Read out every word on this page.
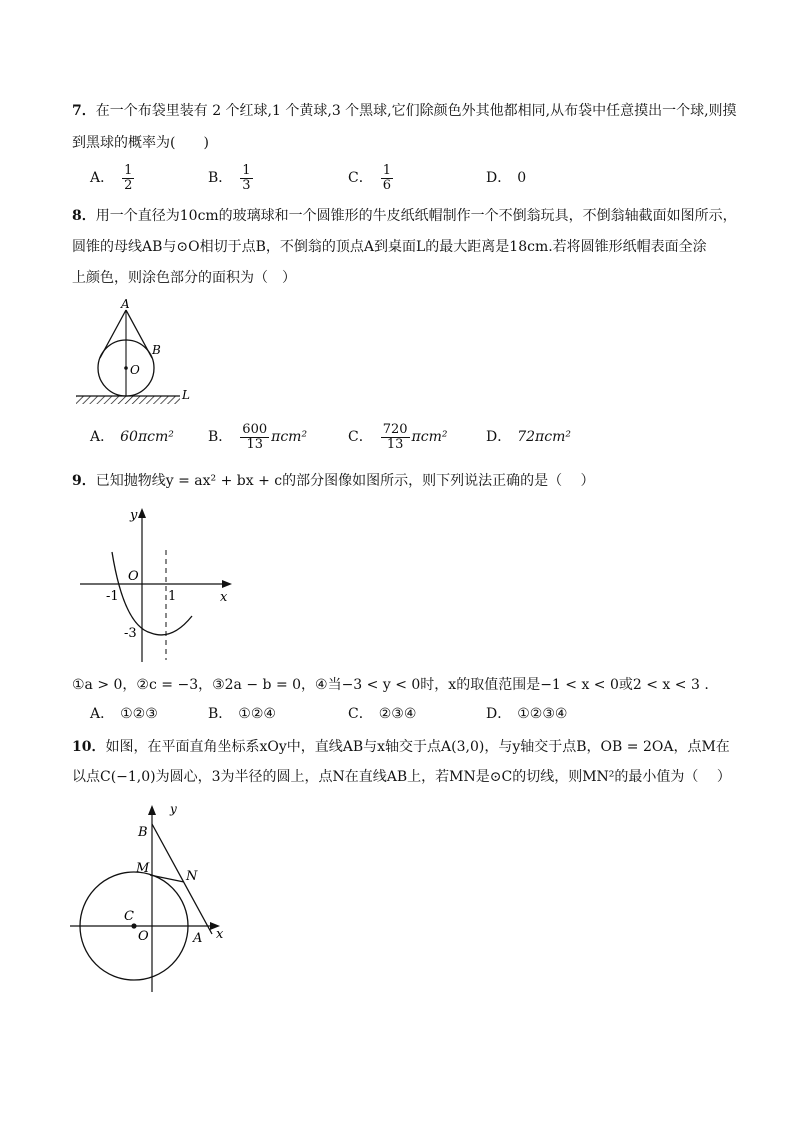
7．在一个布袋里装有 2 个红球,1 个黄球,3 个黑球,它们除颜色外其他都相同,从布袋中任意摸出一个球,则摸
到黑球的概率为(　　)
A． $\frac{1}{2}$	B． $\frac{1}{3}$	C． $\frac{1}{6}$	D． 0
8．用一个直径为10cm的玻璃球和一个圆锥形的牛皮纸纸帽制作一个不倒翁玩具，不倒翁轴截面如图所示，
圆锥的母线AB与⊙O相切于点B，不倒翁的顶点A到桌面L的最大距离是18cm.若将圆锥形纸帽表面全涂
上颜色，则涂色部分的面积为（　）
A
B
O
L
A． 60πcm² B． $\frac{600}{13} \pi cm^2$	C． $\frac{720}{13} \pi cm^2$	D． 72πcm²
9．已知抛物线y = ax² + bx + c的部分图像如图所示，则下列说法正确的是（　 ）
y
O
-1	1	x
-3
①a > 0，②c = −3，③2a − b = 0，④当−3 < y < 0时，x的取值范围是−1 < x < 0或2 < x < 3 .
A． ①②③	B． ①②④	C． ②③④	D． ①②③④
10．如图，在平面直角坐标系xOy中，直线AB与x轴交于点A(3,0)，与y轴交于点B，OB = 2OA，点M在
以点C(−1,0)为圆心，3为半径的圆上，点N在直线AB上，若MN是⊙C的切线，则MN²的最小值为（　 ）
y
B
M
N
C
O	A x
